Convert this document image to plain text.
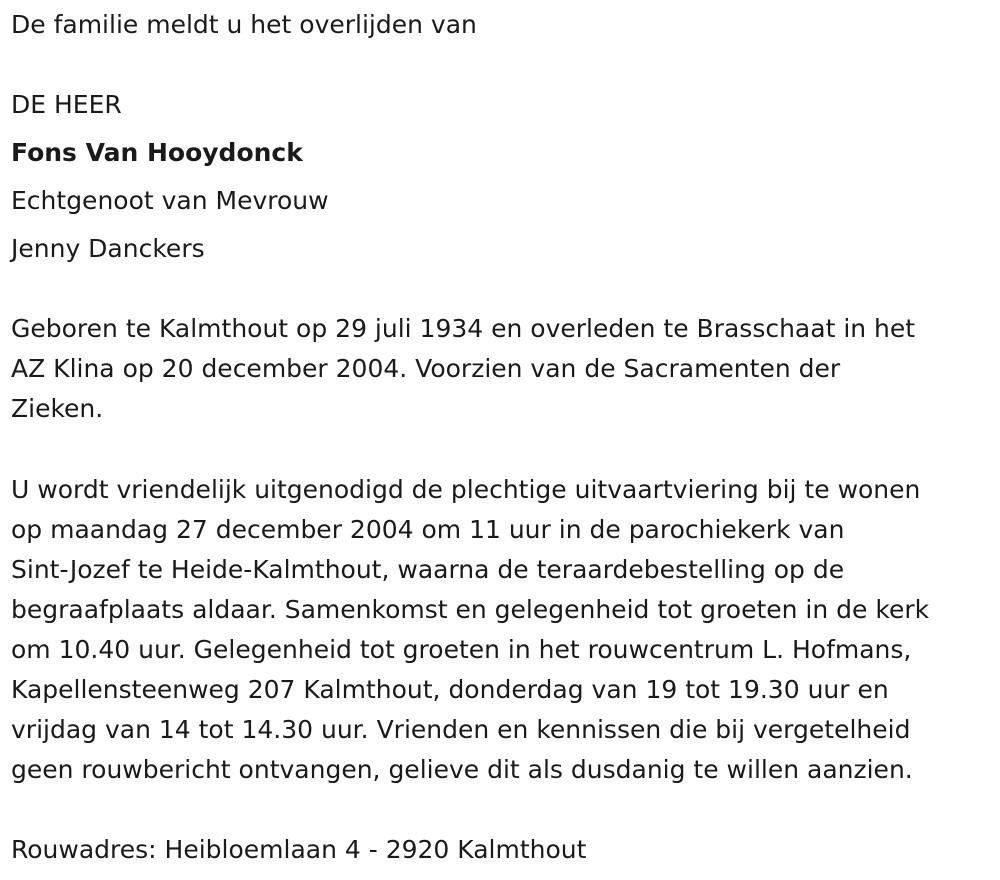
De familie meldt u het overlijden van
DE HEER
Fons Van Hooydonck
Echtgenoot van Mevrouw
Jenny Danckers
Geboren te Kalmthout op 29 juli 1934 en overleden te Brasschaat in het
AZ Klina op 20 december 2004. Voorzien van de Sacramenten der
Zieken.
U wordt vriendelijk uitgenodigd de plechtige uitvaartviering bij te wonen
op maandag 27 december 2004 om 11 uur in de parochiekerk van
Sint-Jozef te Heide-Kalmthout, waarna de teraardebestelling op de
begraafplaats aldaar. Samenkomst en gelegenheid tot groeten in de kerk
om 10.40 uur. Gelegenheid tot groeten in het rouwcentrum L. Hofmans,
Kapellensteenweg 207 Kalmthout, donderdag van 19 tot 19.30 uur en
vrijdag van 14 tot 14.30 uur. Vrienden en kennissen die bij vergetelheid
geen rouwbericht ontvangen, gelieve dit als dusdanig te willen aanzien.
Rouwadres: Heibloemlaan 4 - 2920 Kalmthout
